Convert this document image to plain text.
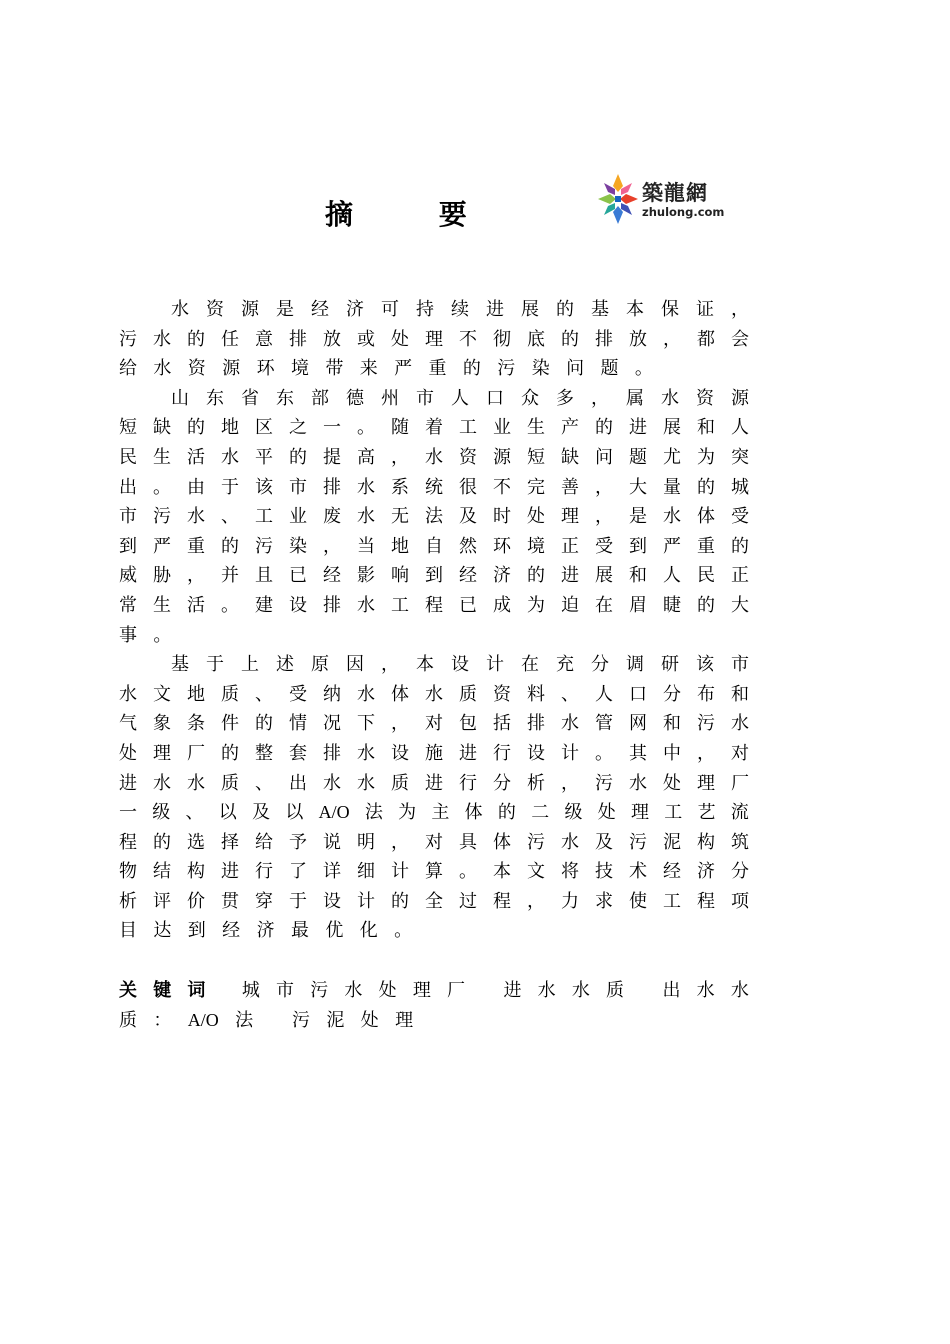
摘 要
築龍網
zhulong.com
水 资 源 是 经 济 可 持 续 进 展 的 基 本 保 证 ，
污 水 的 任 意 排 放 或 处 理 不 彻 底 的 排 放 ， 都 会
给 水 资 源 环 境 带 来 严 重 的 污 染 问 题 。
山 东 省 东 部 德 州 市 人 口 众 多 ， 属 水 资 源
短 缺 的 地 区 之 一 。 随 着 工 业 生 产 的 进 展 和 人
民 生 活 水 平 的 提 高 ， 水 资 源 短 缺 问 题 尤 为 突
出 。 由 于 该 市 排 水 系 统 很 不 完 善 ， 大 量 的 城
市 污 水 、 工 业 废 水 无 法 及 时 处 理 ， 是 水 体 受
到 严 重 的 污 染 ， 当 地 自 然 环 境 正 受 到 严 重 的
威 胁 ， 并 且 已 经 影 响 到 经 济 的 进 展 和 人 民 正
常 生 活 。 建 设 排 水 工 程 已 成 为 迫 在 眉 睫 的 大
事 。
基 于 上 述 原 因 ， 本 设 计 在 充 分 调 研 该 市
水 文 地 质 、 受 纳 水 体 水 质 资 料 、 人 口 分 布 和
气 象 条 件 的 情 况 下 ， 对 包 括 排 水 管 网 和 污 水
处 理 厂 的 整 套 排 水 设 施 进 行 设 计 。 其 中 ， 对
进 水 水 质 、 出 水 水 质 进 行 分 析 ， 污 水 处 理 厂
一 级 、 以 及 以 A/O 法 为 主 体 的 二 级 处 理 工 艺 流
程 的 选 择 给 予 说 明 ， 对 具 体 污 水 及 污 泥 构 筑
物 结 构 进 行 了 详 细 计 算 。 本 文 将 技 术 经 济 分
析 评 价 贯 穿 于 设 计 的 全 过 程 ， 力 求 使 工 程 项
目 达 到 经 济 最 优 化 。
关 键 词 城 市 污 水 处 理 厂 进 水 水 质 出 水 水
质 ： A/O 法 污 泥 处 理
